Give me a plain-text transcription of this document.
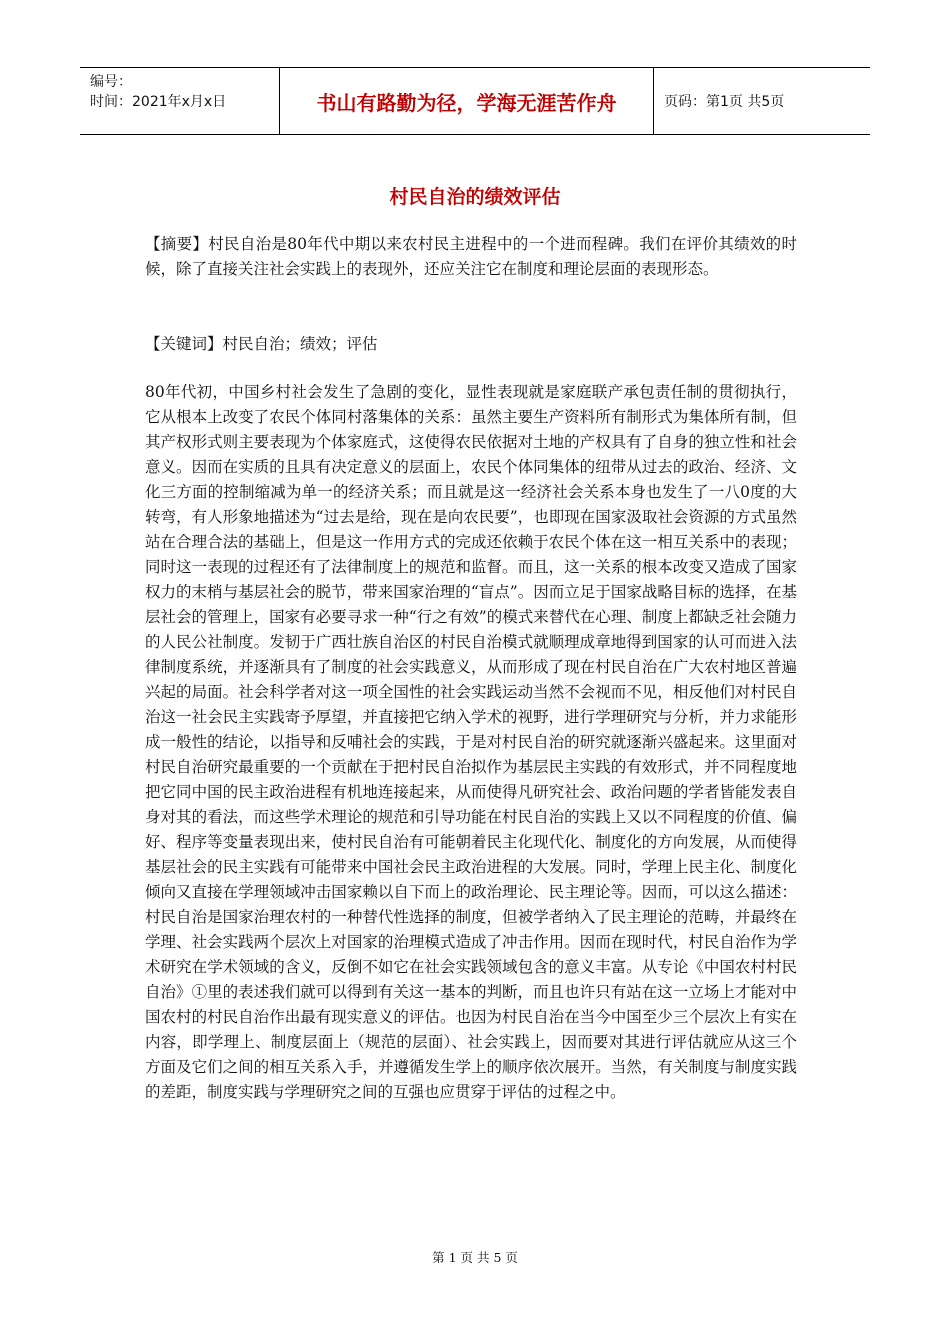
编号：
时间：2021年x月x日	书山有路勤为径，学海无涯苦作舟	页码：第1页 共5页
村民自治的绩效评估

【摘要】村民自治是80年代中期以来农村民主进程中的一个进而程碑。我们在评价其绩效的时候，除了直接关注社会实践上的表现外，还应关注它在制度和理论层面的表现形态。

【关键词】村民自治；绩效；评估

80年代初，中国乡村社会发生了急剧的变化，显性表现就是家庭联产承包责任制的贯彻执行，它从根本上改变了农民个体同村落集体的关系：虽然主要生产资料所有制形式为集体所有制，但其产权形式则主要表现为个体家庭式，这使得农民依据对土地的产权具有了自身的独立性和社会意义。因而在实质的且具有决定意义的层面上，农民个体同集体的纽带从过去的政治、经济、文化三方面的控制缩减为单一的经济关系；而且就是这一经济社会关系本身也发生了一八0度的大转弯，有人形象地描述为“过去是给，现在是向农民要”，也即现在国家汲取社会资源的方式虽然站在合理合法的基础上，但是这一作用方式的完成还依赖于农民个体在这一相互关系中的表现；同时这一表现的过程还有了法律制度上的规范和监督。而且，这一关系的根本改变又造成了国家权力的末梢与基层社会的脱节，带来国家治理的“盲点”。因而立足于国家战略目标的选择，在基层社会的管理上，国家有必要寻求一种“行之有效”的模式来替代在心理、制度上都缺乏社会随力的人民公社制度。发韧于广西壮族自治区的村民自治模式就顺理成章地得到国家的认可而进入法律制度系统，并逐渐具有了制度的社会实践意义，从而形成了现在村民自治在广大农村地区普遍兴起的局面。社会科学者对这一项全国性的社会实践运动当然不会视而不见，相反他们对村民自治这一社会民主实践寄予厚望，并直接把它纳入学术的视野，进行学理研究与分析，并力求能形成一般性的结论，以指导和反哺社会的实践，于是对村民自治的研究就逐渐兴盛起来。这里面对村民自治研究最重要的一个贡献在于把村民自治拟作为基层民主实践的有效形式，并不同程度地把它同中国的民主政治进程有机地连接起来，从而使得凡研究社会、政治问题的学者皆能发表自身对其的看法，而这些学术理论的规范和引导功能在村民自治的实践上又以不同程度的价值、偏好、程序等变量表现出来，使村民自治有可能朝着民主化现代化、制度化的方向发展，从而使得基层社会的民主实践有可能带来中国社会民主政治进程的大发展。同时，学理上民主化、制度化倾向又直接在学理领域冲击国家赖以自下而上的政治理论、民主理论等。因而，可以这么描述：村民自治是国家治理农村的一种替代性选择的制度，但被学者纳入了民主理论的范畴，并最终在学理、社会实践两个层次上对国家的治理模式造成了冲击作用。因而在现时代，村民自治作为学术研究在学术领域的含义，反倒不如它在社会实践领域包含的意义丰富。从专论《中国农村村民自治》①里的表述我们就可以得到有关这一基本的判断，而且也许只有站在这一立场上才能对中国农村的村民自治作出最有现实意义的评估。也因为村民自治在当今中国至少三个层次上有实在内容，即学理上、制度层面上（规范的层面）、社会实践上，因而要对其进行评估就应从这三个方面及它们之间的相互关系入手，并遵循发生学上的顺序依次展开。当然，有关制度与制度实践的差距，制度实践与学理研究之间的互强也应贯穿于评估的过程之中。

第 1 页 共 5 页
